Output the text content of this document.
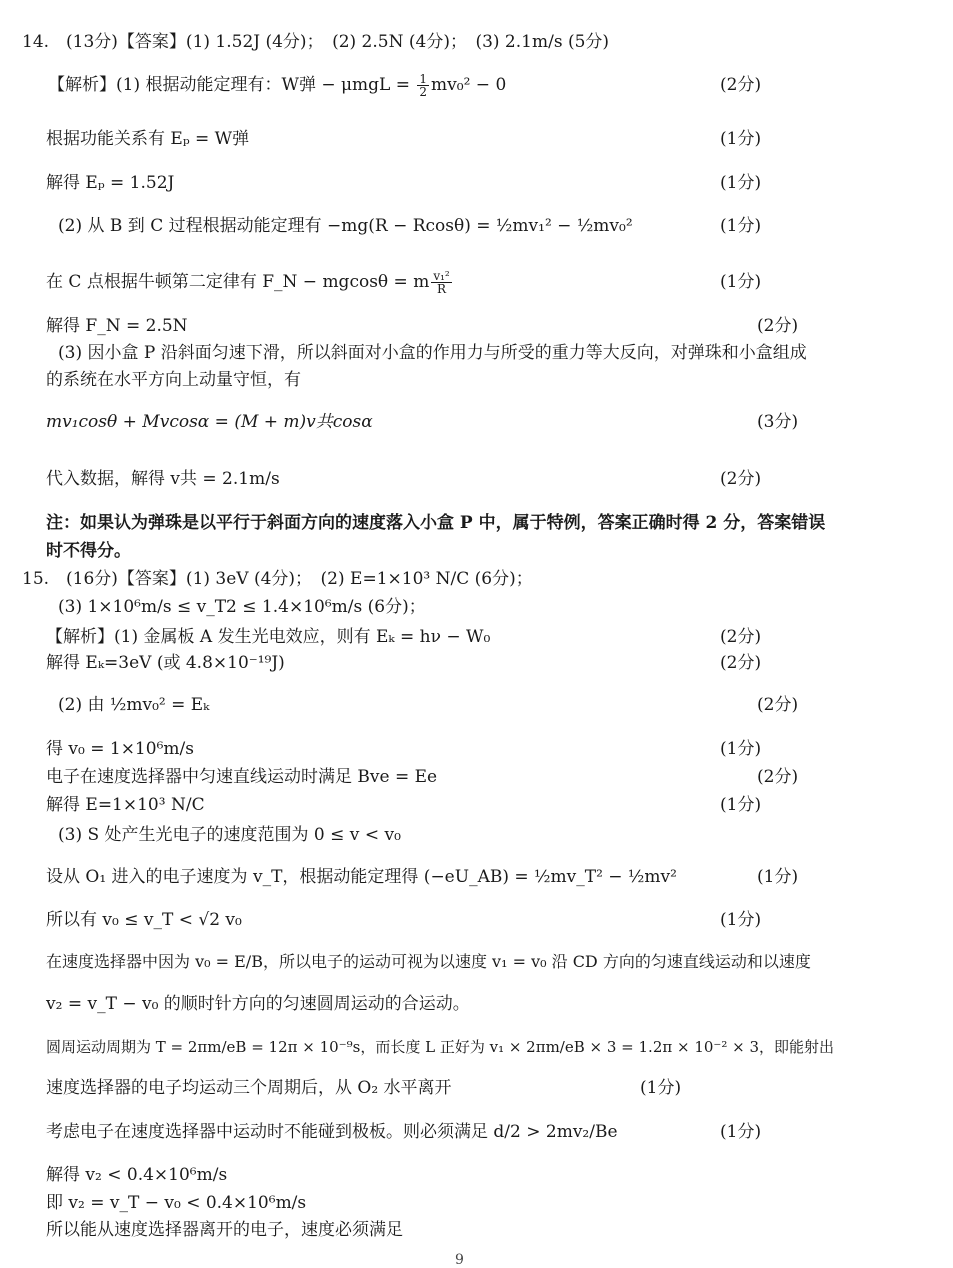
14.　(13分)【答案】(1) 1.52J (4分)；　(2) 2.5N (4分)；　(3) 2.1m/s (5分)
【解析】(1) 根据动能定理有：W弹 − $\mu mgL = \frac{1}{2} mv_0^2 - 0$	(2分)
根据功能关系有 Eₚ = W弹	(1分)
解得 Eₚ = 1.52J	(1分)
(2) 从 B 到 C 过程根据动能定理有 −mg(R − Rcosθ) = ½mv₁² − ½mv₀²	(1分)
在 C 点根据牛顿第二定律有 F_N − mgcosθ = m $\frac{\text{v₁²}}{R}$	(1分)
解得 F_N = 2.5N	(2分)
(3) 因小盒 P 沿斜面匀速下滑，所以斜面对小盒的作用力与所受的重力等大反向，对弹珠和小盒组成
的系统在水平方向上动量守恒，有
mv₁cosθ + Mvcosα = (M + m)v共cosα	(3分)
代入数据，解得 v共 = 2.1m/s	(2分)
注：如果认为弹珠是以平行于斜面方向的速度落入小盒 P 中，属于特例，答案正确时得 2 分，答案错误
时不得分。
15.　(16分)【答案】(1) 3eV (4分)；　(2) E=1×10³ N/C (6分)；
(3) 1×10⁶m/s ≤ v_T2 ≤ 1.4×10⁶m/s (6分)；
【解析】(1) 金属板 A 发生光电效应，则有 Eₖ = hν − W₀	(2分)
解得 Eₖ=3eV (或 4.8×10⁻¹⁹J)	(2分)
(2) 由 ½mv₀² = Eₖ	(2分)
得 v₀ = 1×10⁶m/s	(1分)
电子在速度选择器中匀速直线运动时满足 Bve = Ee	(2分)
解得 E=1×10³ N/C	(1分)
(3) S 处产生光电子的速度范围为 0 ≤ v < v₀
设从 O₁ 进入的电子速度为 v_T，根据动能定理得 (−eU_AB) = ½mv_T² − ½mv²	(1分)
所以有 v₀ ≤ v_T < √2 v₀	(1分)
在速度选择器中因为 v₀ = E/B，所以电子的运动可视为以速度 v₁ = v₀ 沿 CD 方向的匀速直线运动和以速度
v₂ = v_T − v₀ 的顺时针方向的匀速圆周运动的合运动。
圆周运动周期为 T = 2πm/eB = 12π × 10⁻⁹s，而长度 L 正好为 v₁ × 2πm/eB × 3 = 1.2π × 10⁻² × 3，即能射出
速度选择器的电子均运动三个周期后，从 O₂ 水平离开	(1分)
考虑电子在速度选择器中运动时不能碰到极板。则必须满足 d/2 > 2mv₂/Be	(1分)
解得 v₂ < 0.4×10⁶m/s
即 v₂ = v_T − v₀ < 0.4×10⁶m/s
所以能从速度选择器离开的电子，速度必须满足
9
